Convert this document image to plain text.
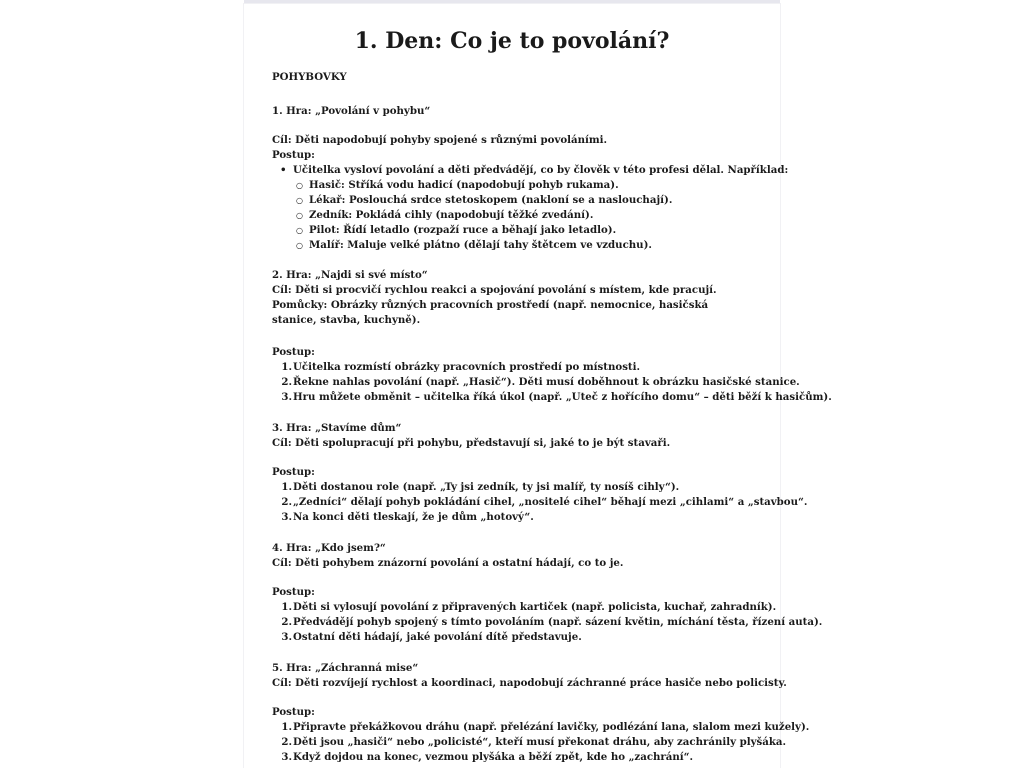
1. Den: Co je to povolání?
POHYBOVKY
1. Hra: „Povolání v pohybu“
Cíl: Děti napodobují pohyby spojené s různými povoláními.
Postup:
• Učitelka vysloví povolání a děti předvádějí, co by člověk v této profesi dělal. Například:
○ Hasič: Stříká vodu hadicí (napodobují pohyb rukama).
○ Lékař: Poslouchá srdce stetoskopem (nakloní se a naslouchají).
○ Zedník: Pokládá cihly (napodobují těžké zvedání).
○ Pilot: Řídí letadlo (rozpaží ruce a běhají jako letadlo).
○ Malíř: Maluje velké plátno (dělají tahy štětcem ve vzduchu).
2. Hra: „Najdi si své místo“
Cíl: Děti si procvičí rychlou reakci a spojování povolání s místem, kde pracují.
Pomůcky: Obrázky různých pracovních prostředí (např. nemocnice, hasičská stanice, stavba, kuchyně).
Postup:
1. Učitelka rozmístí obrázky pracovních prostředí po místnosti.
2. Řekne nahlas povolání (např. „Hasič“). Děti musí doběhnout k obrázku hasičské stanice.
3. Hru můžete obměnit – učitelka říká úkol (např. „Uteč z hořícího domu“ – děti běží k hasičům).
3. Hra: „Stavíme dům“
Cíl: Děti spolupracují při pohybu, představují si, jaké to je být stavaři.
Postup:
1. Děti dostanou role (např. „Ty jsi zedník, ty jsi malíř, ty nosíš cihly“).
2. „Zedníci“ dělají pohyb pokládání cihel, „nositelé cihel“ běhají mezi „cihlami“ a „stavbou“.
3. Na konci děti tleskají, že je dům „hotový“.
4. Hra: „Kdo jsem?“
Cíl: Děti pohybem znázorní povolání a ostatní hádají, co to je.
Postup:
1. Děti si vylosují povolání z připravených kartiček (např. policista, kuchař, zahradník).
2. Předvádějí pohyb spojený s tímto povoláním (např. sázení květin, míchání těsta, řízení auta).
3. Ostatní děti hádají, jaké povolání dítě představuje.
5. Hra: „Záchranná mise“
Cíl: Děti rozvíjejí rychlost a koordinaci, napodobují záchranné práce hasiče nebo policisty.
Postup:
1. Připravte překážkovou dráhu (např. přelézání lavičky, podlézání lana, slalom mezi kužely).
2. Děti jsou „hasiči“ nebo „policisté“, kteří musí překonat dráhu, aby zachránily plyšáka.
3. Když dojdou na konec, vezmou plyšáka a běží zpět, kde ho „zachrání“.
